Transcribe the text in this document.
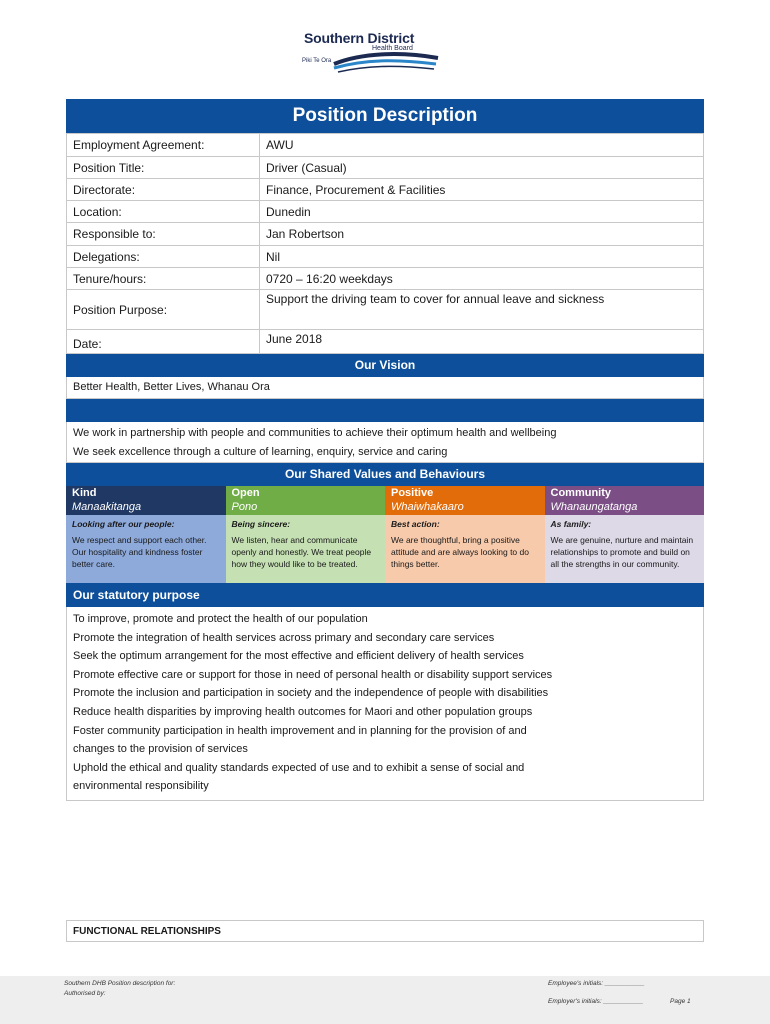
Southern District
Health Board
Piki Te Ora
Position Description
Employment Agreement:	AWU
Position Title:	Driver (Casual)
Directorate:	Finance, Procurement & Facilities
Location:	Dunedin
Responsible to:	Jan Robertson
Delegations:	Nil
Tenure/hours:	0720 – 16:20 weekdays
Position Purpose:	Support the driving team to cover for annual leave and sickness
Date:	June 2018
Our Vision
Better Health, Better Lives, Whanau Ora
We work in partnership with people and communities to achieve their optimum health and wellbeing
We seek excellence through a culture of learning, enquiry, service and caring
Our Shared Values and Behaviours
Kind
Manaakitanga
Looking after our people:
We respect and support each other. Our hospitality and kindness foster better care.
Open
Pono
Being sincere:
We listen, hear and communicate openly and honestly. We treat people how they would like to be treated.
Positive
Whaiwhakaaro
Best action:
We are thoughtful, bring a positive attitude and are always looking to do things better.
Community
Whanaungatanga
As family:
We are genuine, nurture and maintain relationships to promote and build on all the strengths in our community.
Our statutory purpose
To improve, promote and protect the health of our population
Promote the integration of health services across primary and secondary care services
Seek the optimum arrangement for the most effective and efficient delivery of health services
Promote effective care or support for those in need of personal health or disability support services
Promote the inclusion and participation in society and the independence of people with disabilities
Reduce health disparities by improving health outcomes for Maori and other population groups
Foster community participation in health improvement and in planning for the provision of and
changes to the provision of services
Uphold the ethical and quality standards expected of use and to exhibit a sense of social and
environmental responsibility
FUNCTIONAL RELATIONSHIPS
Southern DHB Position description for:
Authorised by:
Employee's initials: ___________
Employer's initials: ___________	Page 1
